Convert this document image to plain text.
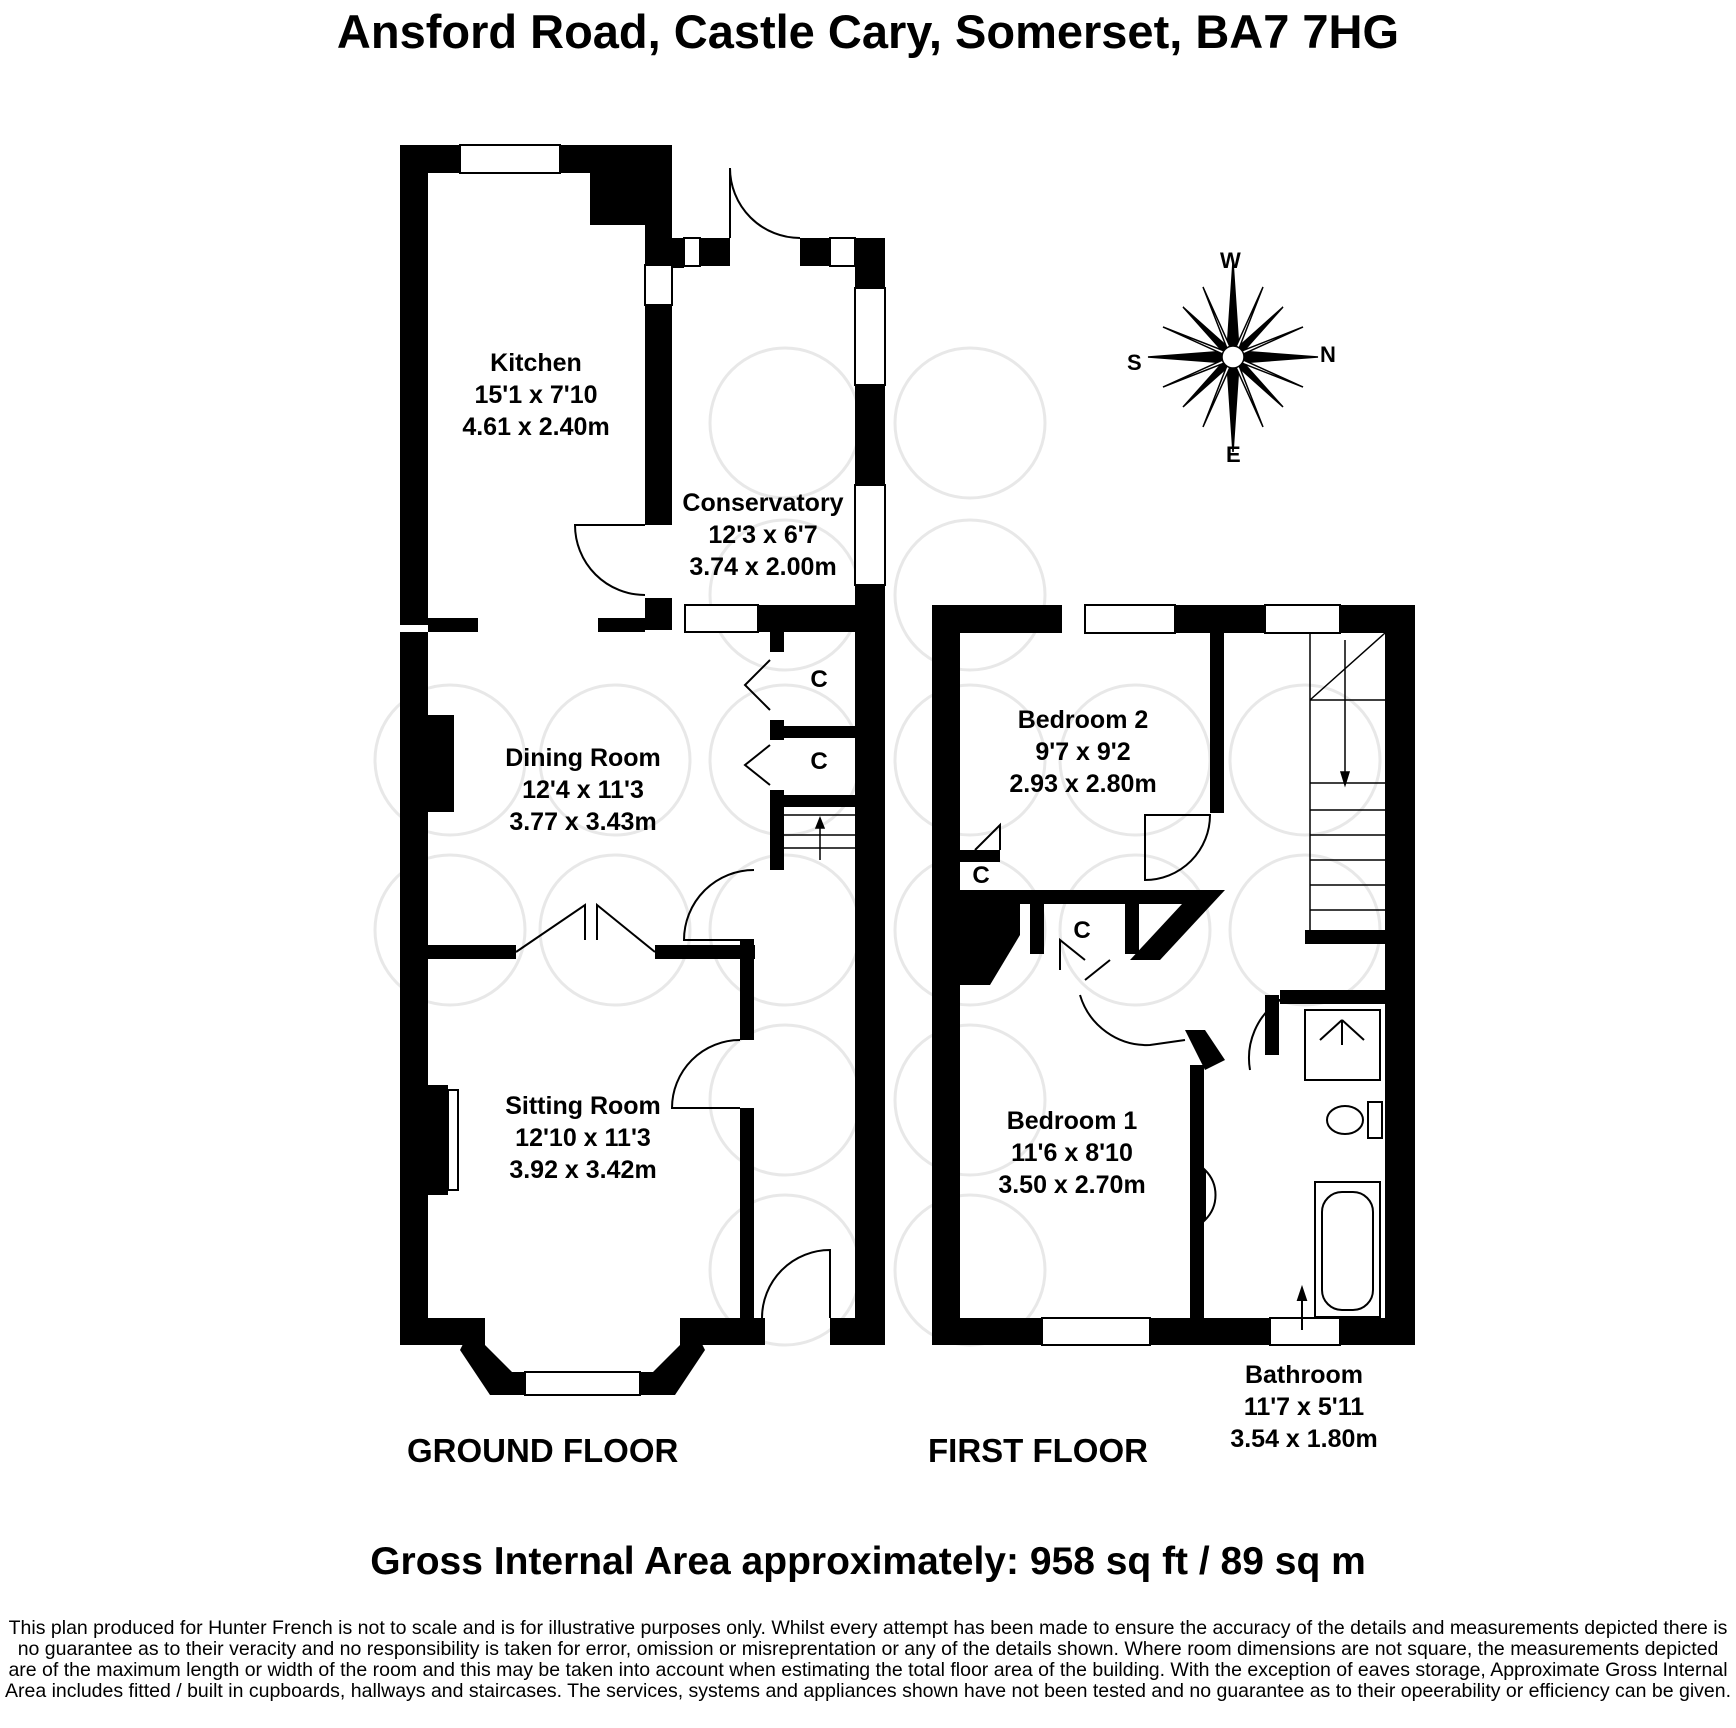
Ansford Road, Castle Cary, Somerset, BA7 7HG
W
N
E
S
B
C
C
C
C
Kitchen
15'1 x 7'10
4.61 x 2.40m
Conservatory
12'3 x 6'7
3.74 x 2.00m
Dining Room
12'4 x 11'3
3.77 x 3.43m
Sitting Room
12'10 x 11'3
3.92 x 3.42m
Bedroom 2
9'7 x 9'2
2.93 x 2.80m
Bedroom 1
11'6 x 8'10
3.50 x 2.70m
Bathroom
11'7 x 5'11
3.54 x 1.80m
GROUND FLOOR	FIRST FLOOR
Gross Internal Area approximately: 958 sq ft / 89 sq m
This plan produced for Hunter French is not to scale and is for illustrative purposes only. Whilst every attempt has been made to ensure the accuracy of the details and measurements depicted there is no guarantee as to their veracity and no responsibility is taken for error, omission or misreprentation or any of the details shown. Where room dimensions are not square, the measurements depicted are of the maximum length or width of the room and this may be taken into account when estimating the total floor area of the building. With the exception of eaves storage, Approximate Gross Internal Area includes fitted / built in cupboards, hallways and staircases. The services, systems and appliances shown have not been tested and no guarantee as to their opeerability or efficiency can be given.
